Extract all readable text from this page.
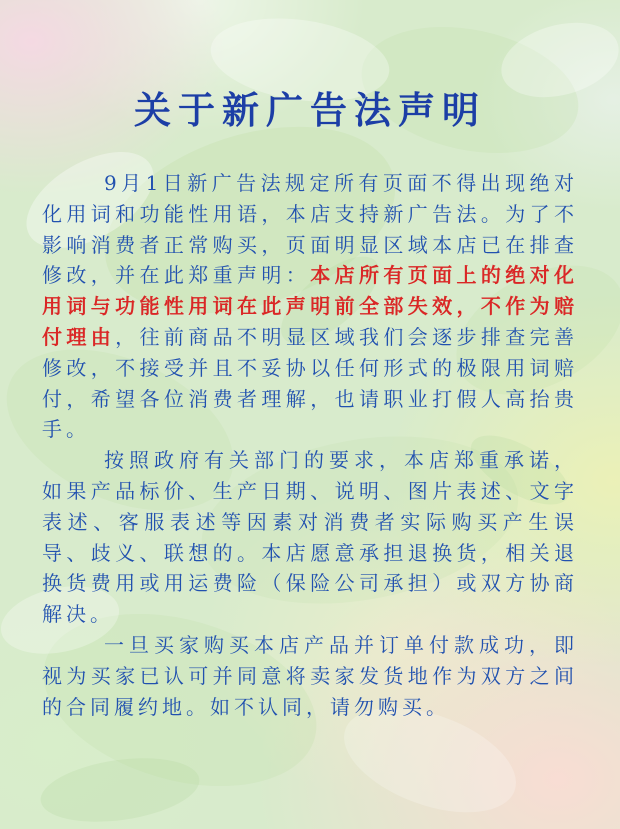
关于新广告法声明

9月1日新广告法规定所有页面不得出现绝对化用词和功能性用语，本店支持新广告法。为了不影响消费者正常购买，页面明显区域本店已在排查修改，并在此郑重声明：本店所有页面上的绝对化用词与功能性用词在此声明前全部失效，不作为赔付理由，往前商品不明显区域我们会逐步排查完善修改，不接受并且不妥协以任何形式的极限用词赔付，希望各位消费者理解，也请职业打假人高抬贵手。

按照政府有关部门的要求，本店郑重承诺，如果产品标价、生产日期、说明、图片表述、文字表述、客服表述等因素对消费者实际购买产生误导、歧义、联想的。本店愿意承担退换货，相关退换货费用或用运费险（保险公司承担）或双方协商解决。

一旦买家购买本店产品并订单付款成功，即视为买家已认可并同意将卖家发货地作为双方之间的合同履约地。如不认同，请勿购买。
